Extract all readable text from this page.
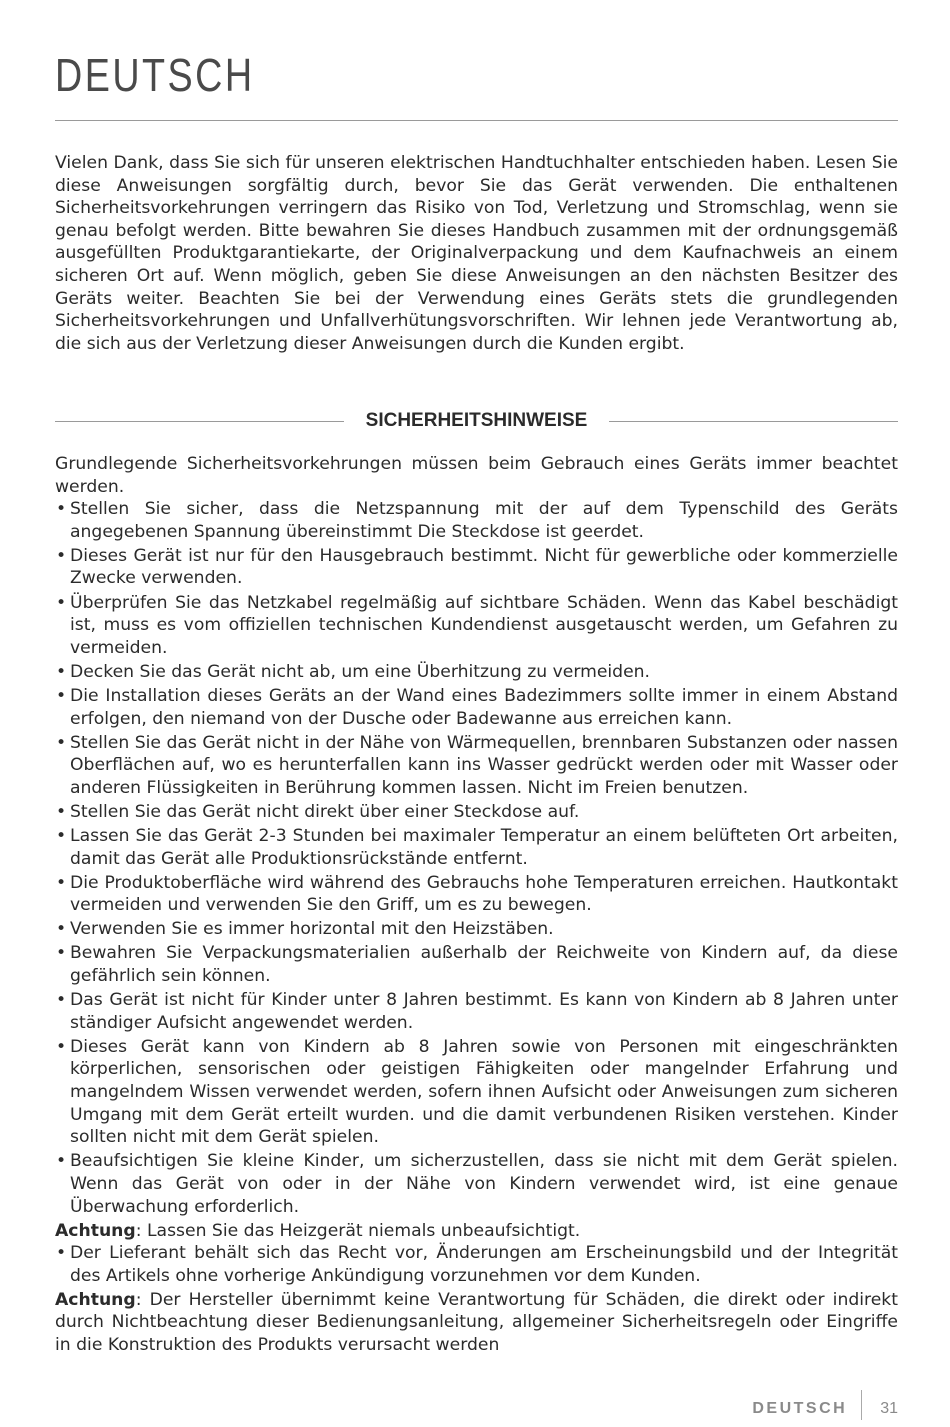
DEUTSCH

Vielen Dank, dass Sie sich für unseren elektrischen Handtuchhalter entschieden haben. Lesen Sie diese Anweisungen sorgfältig durch, bevor Sie das Gerät verwenden. Die enthaltenen Sicherheitsvorkehrungen verringern das Risiko von Tod, Verletzung und Stromschlag, wenn sie genau befolgt werden. Bitte bewahren Sie dieses Handbuch zusammen mit der ordnungsgemäß ausgefüllten Produktgarantiekarte, der Originalverpackung und dem Kaufnachweis an einem sicheren Ort auf. Wenn möglich, geben Sie diese Anweisungen an den nächsten Besitzer des Geräts weiter. Beachten Sie bei der Verwendung eines Geräts stets die grundlegenden Sicherheitsvorkehrungen und Unfallverhütungsvorschriften. Wir lehnen jede Verantwortung ab, die sich aus der Verletzung dieser Anweisungen durch die Kunden ergibt.

SICHERHEITSHINWEISE

Grundlegende Sicherheitsvorkehrungen müssen beim Gebrauch eines Geräts immer beachtet werden.

• Stellen Sie sicher, dass die Netzspannung mit der auf dem Typenschild des Geräts angegebenen Spannung übereinstimmt Die Steckdose ist geerdet.
• Dieses Gerät ist nur für den Hausgebrauch bestimmt. Nicht für gewerbliche oder kommerzielle Zwecke verwenden.
• Überprüfen Sie das Netzkabel regelmäßig auf sichtbare Schäden. Wenn das Kabel beschädigt ist, muss es vom offiziellen technischen Kundendienst ausgetauscht werden, um Gefahren zu vermeiden.
• Decken Sie das Gerät nicht ab, um eine Überhitzung zu vermeiden.
• Die Installation dieses Geräts an der Wand eines Badezimmers sollte immer in einem Abstand erfolgen, den niemand von der Dusche oder Badewanne aus erreichen kann.
• Stellen Sie das Gerät nicht in der Nähe von Wärmequellen, brennbaren Substanzen oder nassen Oberflächen auf, wo es herunterfallen kann ins Wasser gedrückt werden oder mit Wasser oder anderen Flüssigkeiten in Berührung kommen lassen. Nicht im Freien benutzen.
• Stellen Sie das Gerät nicht direkt über einer Steckdose auf.
• Lassen Sie das Gerät 2-3 Stunden bei maximaler Temperatur an einem belüfteten Ort arbeiten, damit das Gerät alle Produktionsrückstände entfernt.
• Die Produktoberfläche wird während des Gebrauchs hohe Temperaturen erreichen. Hautkontakt vermeiden und verwenden Sie den Griff, um es zu bewegen.
• Verwenden Sie es immer horizontal mit den Heizstäben.
• Bewahren Sie Verpackungsmaterialien außerhalb der Reichweite von Kindern auf, da diese gefährlich sein können.
• Das Gerät ist nicht für Kinder unter 8 Jahren bestimmt. Es kann von Kindern ab 8 Jahren unter ständiger Aufsicht angewendet werden.
• Dieses Gerät kann von Kindern ab 8 Jahren sowie von Personen mit eingeschränkten körperlichen, sensorischen oder geistigen Fähigkeiten oder mangelnder Erfahrung und mangelndem Wissen verwendet werden, sofern ihnen Aufsicht oder Anweisungen zum sicheren Umgang mit dem Gerät erteilt wurden. und die damit verbundenen Risiken verstehen. Kinder sollten nicht mit dem Gerät spielen.
• Beaufsichtigen Sie kleine Kinder, um sicherzustellen, dass sie nicht mit dem Gerät spielen. Wenn das Gerät von oder in der Nähe von Kindern verwendet wird, ist eine genaue Überwachung erforderlich.

Achtung: Lassen Sie das Heizgerät niemals unbeaufsichtigt.

• Der Lieferant behält sich das Recht vor, Änderungen am Erscheinungsbild und der Integrität des Artikels ohne vorherige Ankündigung vorzunehmen vor dem Kunden.

Achtung: Der Hersteller übernimmt keine Verantwortung für Schäden, die direkt oder indirekt durch Nichtbeachtung dieser Bedienungsanleitung, allgemeiner Sicherheitsregeln oder Eingriffe in die Konstruktion des Produkts verursacht werden

DEUTSCH	31
